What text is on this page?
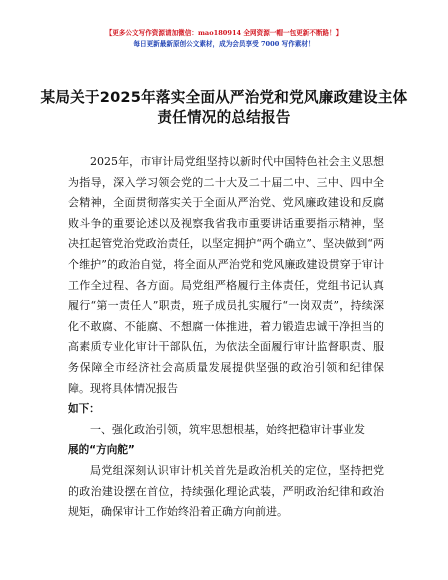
【更多公文写作资源请加微信：mao180914 全网资源一帽一包更新不断路！】
每日更新最新原创公文素材，成为会员享受 7000 写作素材！
某局关于2025年落实全面从严治党和党风廉政建设主体责任情况的总结报告

2025年，市审计局党组坚持以新时代中国特色社会主义思想为指导，深入学习领会党的二十大及二十届二中、三中、四中全会精神，全面贯彻落实关于全面从严治党、党风廉政建设和反腐败斗争的重要论述以及视察我省我市重要讲话重要指示精神，坚决扛起管党治党政治责任，以坚定拥护“两个确立”、坚决做到“两个维护”的政治自觉，将全面从严治党和党风廉政建设贯穿于审计工作全过程、各方面。局党组严格履行主体责任，党组书记认真履行“第一责任人”职责，班子成员扎实履行“一岗双责”，持续深化不敢腐、不能腐、不想腐一体推进，着力锻造忠诚干净担当的高素质专业化审计干部队伍，为依法全面履行审计监督职责、服务保障全市经济社会高质量发展提供坚强的政治引领和纪律保障。现将具体情况报告

如下：

一、强化政治引领，筑牢思想根基，始终把稳审计事业发

展的“方向舵”

局党组深刻认识审计机关首先是政治机关的定位，坚持把党的政治建设摆在首位，持续强化理论武装，严明政治纪律和政治规矩，确保审计工作始终沿着正确方向前进。
